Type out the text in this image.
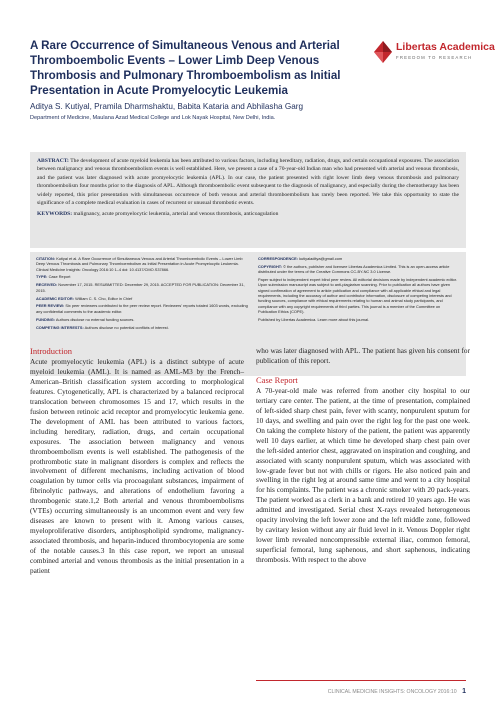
A Rare Occurrence of Simultaneous Venous and Arterial Thromboembolic Events – Lower Limb Deep Venous Thrombosis and Pulmonary Thromboembolism as Initial Presentation in Acute Promyelocytic Leukemia
Libertas Academica
FREEDOM TO RESEARCH
Aditya S. Kutiyal, Pramila Dharmshaktu, Babita Kataria and Abhilasha Garg
Department of Medicine, Maulana Azad Medical College and Lok Nayak Hospital, New Delhi, India.
ABSTRACT: The development of acute myeloid leukemia has been attributed to various factors, including hereditary, radiation, drugs, and certain occupational exposures. The association between malignancy and venous thromboembolism events is well established. Here, we present a case of a 70-year-old Indian man who had presented with arterial and venous thrombosis, and the patient was later diagnosed with acute promyelocytic leukemia (APL). In our case, the patient presented with right lower limb deep venous thrombosis and pulmonary thromboembolism four months prior to the diagnosis of APL. Although thromboembolic event subsequent to the diagnosis of malignancy, and especially during the chemotherapy has been widely reported, this prior presentation with simultaneous occurrence of both venous and arterial thromboembolism has rarely been reported. We take this opportunity to state the significance of a complete medical evaluation in cases of recurrent or unusual thrombotic events.
KEYWORDS: malignancy, acute promyelocytic leukemia, arterial and venous thrombosis, anticoagulation

CITATION: Kutiyal et al. A Rare Occurrence of Simultaneous Venous and Arterial Thromboembolic Events – Lower Limb Deep Venous Thrombosis and Pulmonary Thromboembolism as Initial Presentation in Acute Promyelocytic Leukemia. Clinical Medicine Insights: Oncology 2016:10 1–4 doi: 10.4137/CMO.S37866.

TYPE: Case Report

RECEIVED: November 17, 2015. RESUBMITTED: December 29, 2015. ACCEPTED FOR PUBLICATION: December 31, 2015.

ACADEMIC EDITOR: William C. S. Cho, Editor in Chief

PEER REVIEW: Six peer reviewers contributed to the peer review report. Reviewers' reports totaled 1603 words, excluding any confidential comments to the academic editor.

FUNDING: Authors disclose no external funding sources.

COMPETING INTERESTS: Authors disclose no potential conflicts of interest.

CORRESPONDENCE: kutiyaladitya@gmail.com

COPYRIGHT: © the authors, publisher and licensee Libertas Academica Limited. This is an open-access article distributed under the terms of the Creative Commons CC-BY-NC 3.0 License.

Paper subject to independent expert blind peer review. All editorial decisions made by independent academic editor. Upon submission manuscript was subject to anti-plagiarism scanning. Prior to publication all authors have given signed confirmation of agreement to article publication and compliance with all applicable ethical and legal requirements, including the accuracy of author and contributor information, disclosure of competing interests and funding sources, compliance with ethical requirements relating to human and animal study participants, and compliance with any copyright requirements of third parties. This journal is a member of the Committee on Publication Ethics (COPE).

Published by Libertas Academica. Learn more about this journal.

Introduction
Acute promyelocytic leukemia (APL) is a distinct subtype of acute myeloid leukemia (AML). It is named as AML-M3 by the French–American–British classification system according to morphological features. Cytogenetically, APL is characterized by a balanced reciprocal translocation between chromosomes 15 and 17, which results in the fusion between retinoic acid receptor and promyelocytic leukemia gene. The development of AML has been attributed to various factors, including hereditary, radiation, drugs, and certain occupational exposures. The association between malignancy and venous thromboembolism events is well established. The pathogenesis of the prothrombotic state in malignant disorders is complex and reflects the involvement of different mechanisms, including activation of blood coagulation by tumor cells via procoagulant substances, impairment of fibrinolytic pathways, and alterations of endothelium favoring a thrombogenic state.1,2 Both arterial and venous thromboembolisms (VTEs) occurring simultaneously is an uncommon event and very few diseases are known to present with it. Among various causes, myeloproliferative disorders, antiphospholipid syndrome, malignancy-associated thrombosis, and heparin-induced thrombocytopenia are some of the notable causes.3 In this case report, we report an unusual combined arterial and venous thrombosis as the initial presentation in a patient
who was later diagnosed with APL. The patient has given his consent for publication of this report.
Case Report
A 70-year-old male was referred from another city hospital to our tertiary care center. The patient, at the time of presentation, complained of left-sided sharp chest pain, fever with scanty, nonpurulent sputum for 10 days, and swelling and pain over the right leg for the past one week. On taking the complete history of the patient, the patient was apparently well 10 days earlier, at which time he developed sharp chest pain over the left-sided anterior chest, aggravated on inspiration and coughing, and associated with scanty nonpurulent sputum, which was associated with low-grade fever but not with chills or rigors. He also noticed pain and swelling in the right leg at around same time and went to a city hospital for his complaints. The patient was a chronic smoker with 20 pack-years. The patient worked as a clerk in a bank and retired 10 years ago. He was admitted and investigated. Serial chest X-rays revealed heterogeneous opacity involving the left lower zone and the left middle zone, followed by cavitary lesion without any air fluid level in it. Venous Doppler right lower limb revealed noncompressible external iliac, common femoral, superficial femoral, lung saphenous, and short saphenous, indicating thrombosis. With respect to the above
CLINICAL MEDICINE INSIGHTS: ONCOLOGY 2016:10 1
